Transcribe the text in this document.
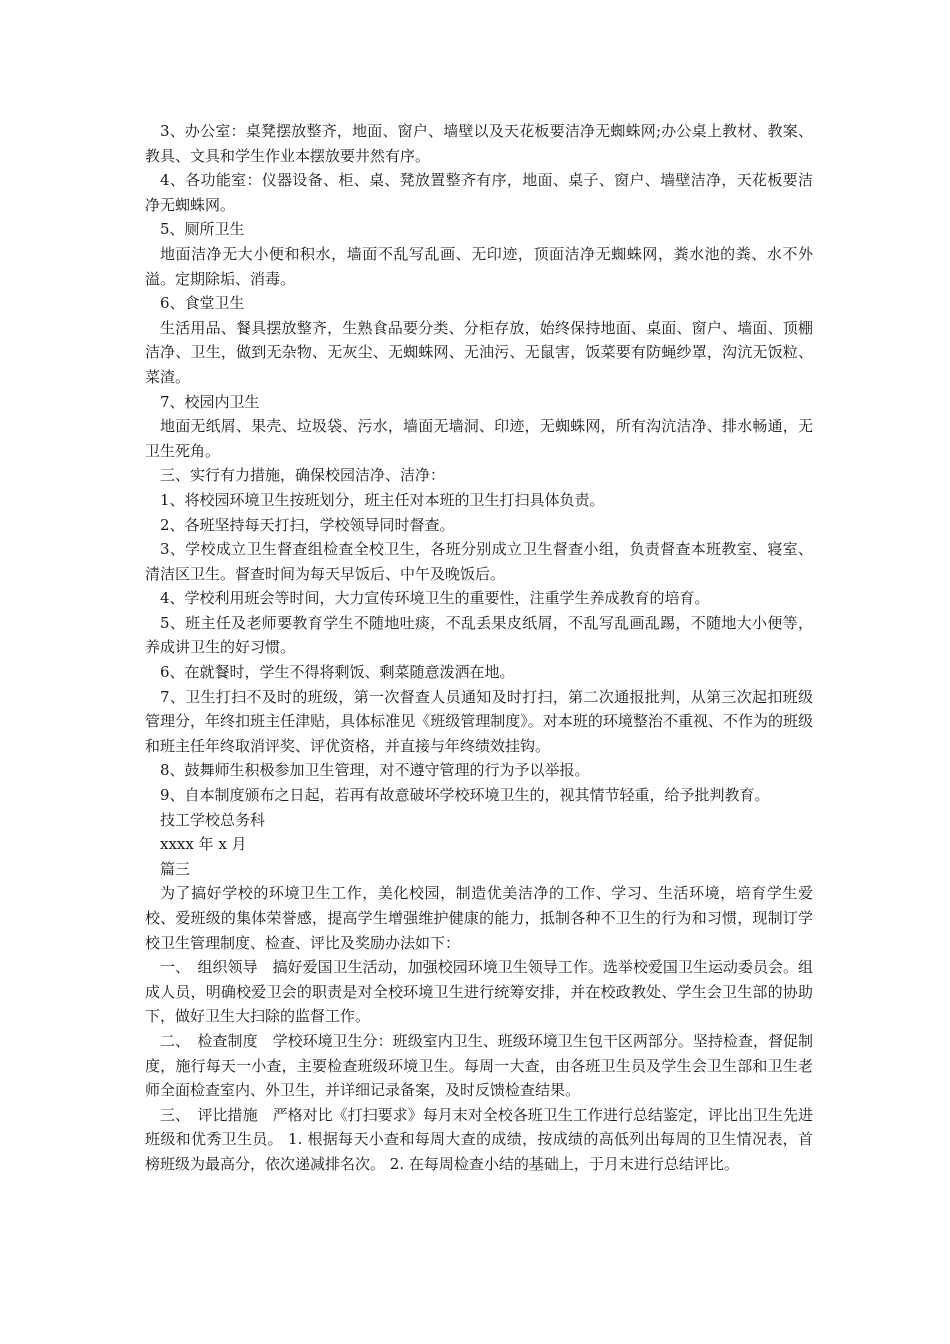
3、办公室：桌凳摆放整齐，地面、窗户、墙壁以及天花板要洁净无蜘蛛网;办公桌上教材、教案、教具、文具和学生作业本摆放要井然有序。

4、各功能室：仪器设备、柜、桌、凳放置整齐有序，地面、桌子、窗户、墙壁洁净，天花板要洁净无蜘蛛网。

5、厕所卫生

地面洁净无大小便和积水，墙面不乱写乱画、无印迹，顶面洁净无蜘蛛网，粪水池的粪、水不外溢。定期除垢、消毒。

6、食堂卫生

生活用品、餐具摆放整齐，生熟食品要分类、分柜存放，始终保持地面、桌面、窗户、墙面、顶棚洁净、卫生，做到无杂物、无灰尘、无蜘蛛网、无油污、无鼠害，饭菜要有防蝇纱罩，沟沆无饭粒、菜渣。

7、校园内卫生

地面无纸屑、果壳、垃圾袋、污水，墙面无墙洞、印迹，无蜘蛛网，所有沟沆洁净、排水畅通，无卫生死角。

三、实行有力措施，确保校园洁净、洁净：

1、将校园环境卫生按班划分，班主任对本班的卫生打扫具体负责。

2、各班坚持每天打扫，学校领导同时督查。

3、学校成立卫生督查组检查全校卫生，各班分别成立卫生督查小组，负责督查本班教室、寝室、清洁区卫生。督查时间为每天早饭后、中午及晚饭后。

4、学校利用班会等时间，大力宣传环境卫生的重要性，注重学生养成教育的培育。

5、班主任及老师要教育学生不随地吐痰，不乱丢果皮纸屑，不乱写乱画乱踢，不随地大小便等，养成讲卫生的好习惯。

6、在就餐时，学生不得将剩饭、剩菜随意泼洒在地。

7、卫生打扫不及时的班级，第一次督查人员通知及时打扫，第二次通报批判，从第三次起扣班级管理分，年终扣班主任津贴，具体标准见《班级管理制度》。对本班的环境整治不重视、不作为的班级和班主任年终取消评奖、评优资格，并直接与年终绩效挂钩。

8、鼓舞师生积极参加卫生管理，对不遵守管理的行为予以举报。

9、自本制度颁布之日起，若再有故意破坏学校环境卫生的，视其情节轻重，给予批判教育。

技工学校总务科

xxxx 年 x 月

篇三

为了搞好学校的环境卫生工作，美化校园，制造优美洁净的工作、学习、生活环境，培育学生爱校、爱班级的集体荣誉感，提高学生增强维护健康的能力，抵制各种不卫生的行为和习惯，现制订学校卫生管理制度、检查、评比及奖励办法如下：

一、　组织领导　搞好爱国卫生活动，加强校园环境卫生领导工作。选举校爱国卫生运动委员会。组成人员，明确校爱卫会的职责是对全校环境卫生进行统筹安排，并在校政教处、学生会卫生部的协助下，做好卫生大扫除的监督工作。

二、　检查制度　学校环境卫生分：班级室内卫生、班级环境卫生包干区两部分。坚持检查，督促制度，施行每天一小查，主要检查班级环境卫生。每周一大查，由各班卫生员及学生会卫生部和卫生老师全面检查室内、外卫生，并详细记录备案，及时反馈检查结果。

三、　评比措施　严格对比《打扫要求》每月末对全校各班卫生工作进行总结鉴定，评比出卫生先进班级和优秀卫生员。 1. 根据每天小查和每周大查的成绩，按成绩的高低列出每周的卫生情况表，首榜班级为最高分，依次递减排名次。 2. 在每周检查小结的基础上，于月末进行总结评比。
